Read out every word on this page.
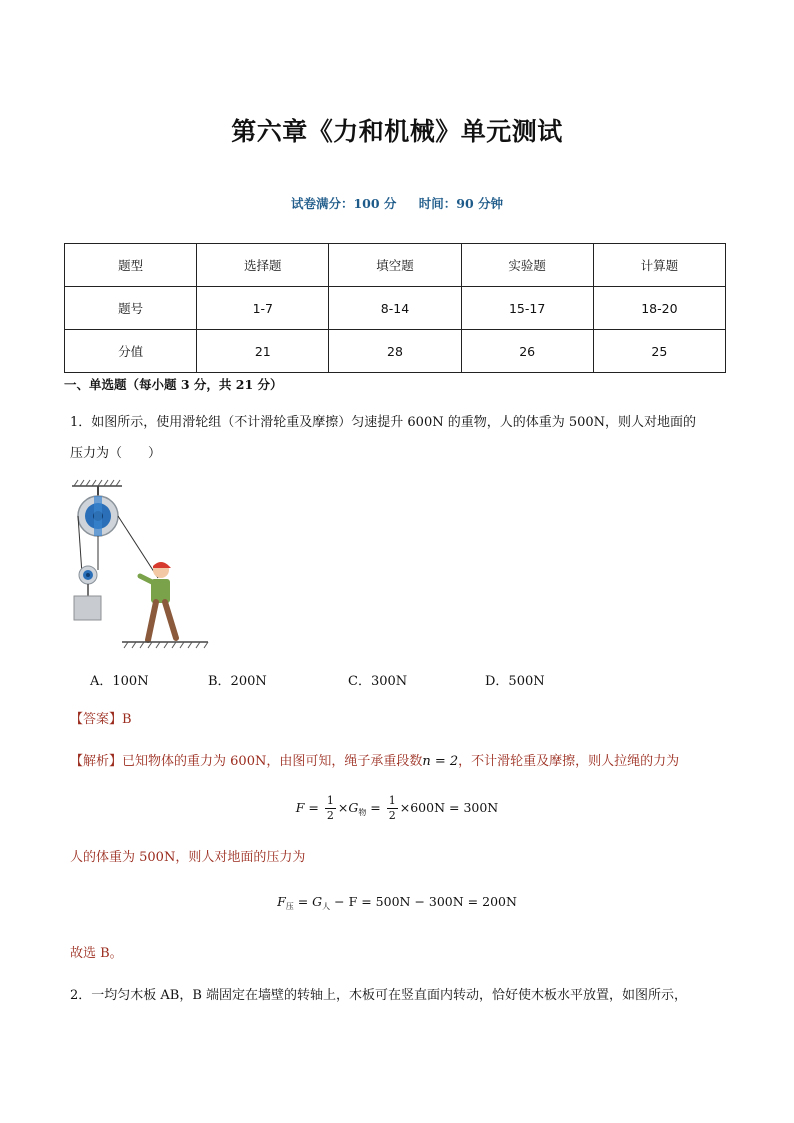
第六章《力和机械》单元测试
试卷满分：100 分 时间：90 分钟
题型	选择题	填空题	实验题	计算题
题号	1-7	8-14	15-17	18-20
分值	21	28	26	25
一、单选题（每小题 3 分，共 21 分）
1．如图所示，使用滑轮组（不计滑轮重及摩擦）匀速提升 600N 的重物，人的体重为 500N，则人对地面的
压力为（　　）
A．100N	B．200N	C．300N	D．500N
【答案】B
【解析】已知物体的重力为 600N，由图可知，绳子承重段数n = 2，不计滑轮重及摩擦，则人拉绳的力为
$F = \frac{1}{2} \times G_物 = \frac{1}{2} \times 600N = 300N$
人的体重为 500N，则人对地面的压力为
$F_压 = G_人 - F = 500N - 300N = 200N$
故选 B。
2．一均匀木板 AB，B 端固定在墙壁的转轴上，木板可在竖直面内转动，恰好使木板水平放置，如图所示，
